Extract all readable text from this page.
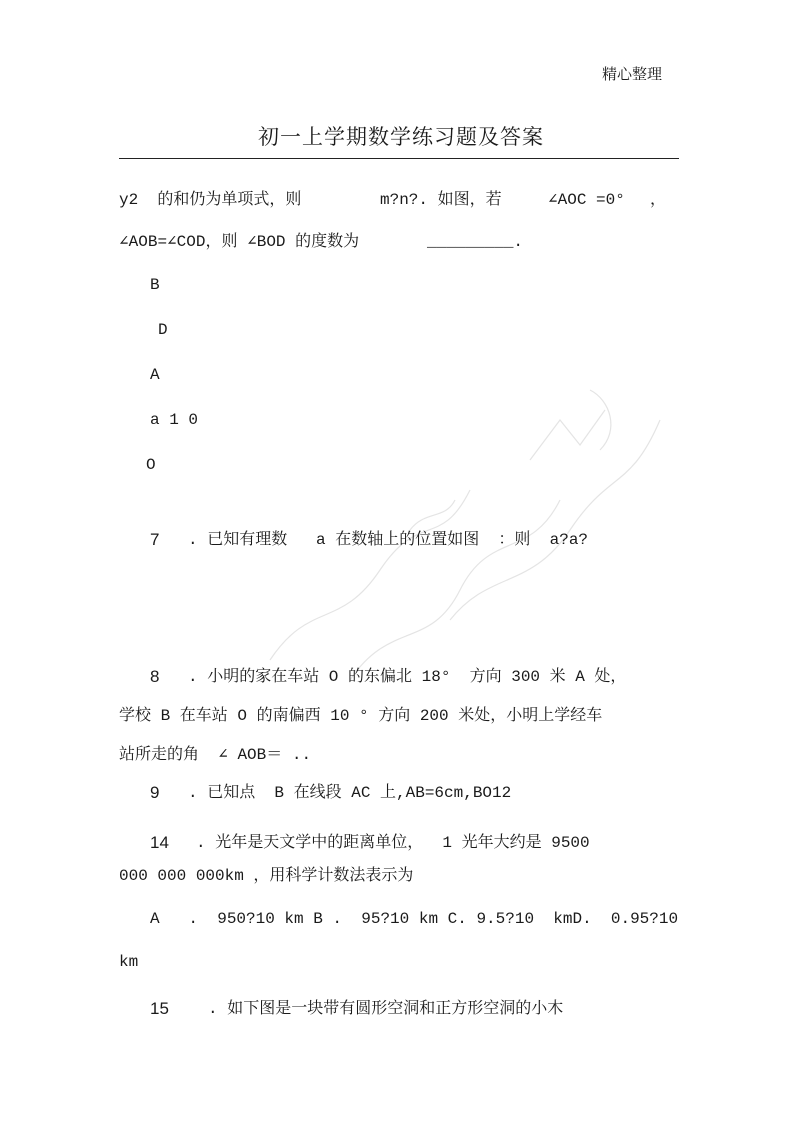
精心整理
初一上学期数学练习题及答案
y2  的和仍为单项式，则	m?n?. 如图，若	∠AOC =0° ，
∠AOB=∠COD，则 ∠BOD 的度数为	_________.
B
D
A
a 1 0
O
7 . 已知有理数   a 在数轴上的位置如图  ：则  a?a?
8 . 小明的家在车站 O 的东偏北 18°  方向 300 米 A 处，
学校 B 在车站 O 的南偏西 10 ° 方向 200 米处，小明上学经车
站所走的角  ∠ AOB＝ ..
9 . 已知点  B 在线段 AC 上,AB=6cm,BO12
14 . 光年是天文学中的距离单位，  1 光年大约是 9500
000 000 000km ，用科学计数法表示为
A   .  950?10 km B .  95?10 km C. 9.5?10  kmD.  0.95?10
km
15 . 如下图是一块带有圆形空洞和正方形空洞的小木
